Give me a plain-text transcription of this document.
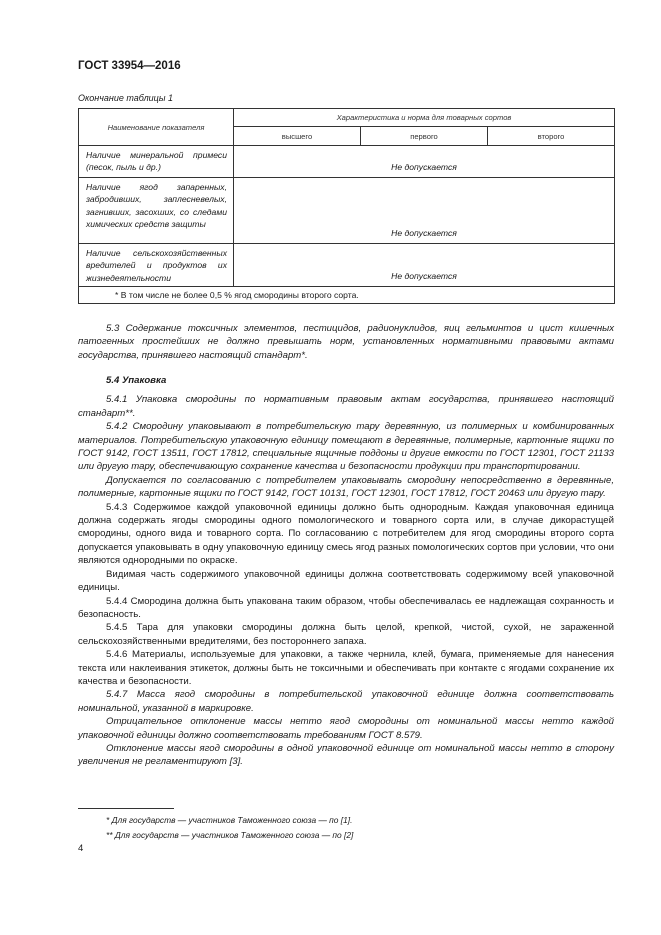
ГОСТ 33954—2016
Окончание таблицы 1
Наименование показателя	Характеристика и норма для товарных сортов		
	высшего	первого	второго
Наличие минеральной примеси (песок, пыль и др.)	Не допускается		
Наличие ягод запаренных, забродивших, заплесневелых, загнивших, засохших, со следами химических средств защиты	Не допускается		
Наличие сельскохозяйственных вредителей и продуктов их жизнедеятельности	Не допускается		
* В том числе не более 0,5 % ягод смородины второго сорта.			

5.3 Содержание токсичных элементов, пестицидов, радионуклидов, яиц гельминтов и цист кишечных патогенных простейших не должно превышать норм, установленных нормативными правовыми актами государства, принявшего настоящий стандарт*.

5.4 Упаковка

5.4.1 Упаковка смородины по нормативным правовым актам государства, принявшего настоящий стандарт**.

5.4.2 Смородину упаковывают в потребительскую тару деревянную, из полимерных и комбинированных материалов. Потребительскую упаковочную единицу помещают в деревянные, полимерные, картонные ящики по ГОСТ 9142, ГОСТ 13511, ГОСТ 17812, специальные ящичные поддоны и другие емкости по ГОСТ 12301, ГОСТ 21133 или другую тару, обеспечивающую сохранение качества и безопасности продукции при транспортировании.

Допускается по согласованию с потребителем упаковывать смородину непосредственно в деревянные, полимерные, картонные ящики по ГОСТ 9142, ГОСТ 10131, ГОСТ 12301, ГОСТ 17812, ГОСТ 20463 или другую тару.

5.4.3 Содержимое каждой упаковочной единицы должно быть однородным. Каждая упаковочная единица должна содержать ягоды смородины одного помологического и товарного сорта или, в случае дикорастущей смородины, одного вида и товарного сорта. По согласованию с потребителем для ягод смородины второго сорта допускается упаковывать в одну упаковочную единицу смесь ягод разных помологических сортов при условии, что они являются однородными по окраске.

Видимая часть содержимого упаковочной единицы должна соответствовать содержимому всей упаковочной единицы.

5.4.4 Смородина должна быть упакована таким образом, чтобы обеспечивалась ее надлежащая сохранность и безопасность.

5.4.5 Тара для упаковки смородины должна быть целой, крепкой, чистой, сухой, не зараженной сельскохозяйственными вредителями, без постороннего запаха.

5.4.6 Материалы, используемые для упаковки, а также чернила, клей, бумага, применяемые для нанесения текста или наклеивания этикеток, должны быть не токсичными и обеспечивать при контакте с ягодами сохранение их качества и безопасности.

5.4.7 Масса ягод смородины в потребительской упаковочной единице должна соответствовать номинальной, указанной в маркировке.

Отрицательное отклонение массы нетто ягод смородины от номинальной массы нетто каждой упаковочной единицы должно соответствовать требованиям ГОСТ 8.579.

Отклонение массы ягод смородины в одной упаковочной единице от номинальной массы нетто в сторону увеличения не регламентируют [3].

* Для государств — участников Таможенного союза — по [1].
** Для государств — участников Таможенного союза — по [2]
4
